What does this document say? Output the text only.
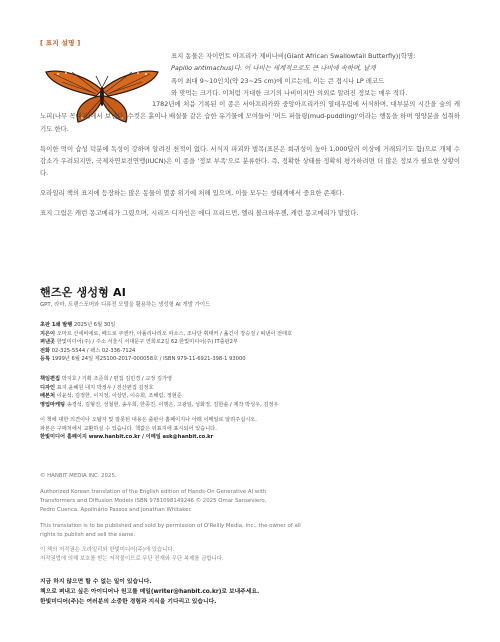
[ 표지 설명 ]

표지 동물은 자이언트 아프리카 제비나비(Giant African Swallowtail Butterfly)(학명:

Papilio antimachus)다. 이 나비는 세계적으로도 큰 나비에 속하며, 날개

폭이 최대 9~10인치(약 23~25 cm)에 이르는데, 이는 큰 접시나 LP 레코드

와 맞먹는 크기다. 이처럼 거대한 크기의 나비이지만 의외로 알려진 정보는 매우 적다.

1782년에 처음 기록된 이 종은 서아프리카와 중앙아프리카의 열대우림에 서식하며, 대부분의 시간을 숲의 캐노피(나무 꼭대기)에서 보낸다. 수컷은 흙이나 배설물 같은 습한 유기물에 모여들어 '머드 퍼들링(mud-puddling)'이라는 행동을 하며 영양분을 섭취하기도 한다.

특이한 먹이 습성 덕분에 독성이 강하며 알려진 천적이 없다. 서식지 파괴와 벌목(표본은 희귀성이 높아 1,000달러 이상에 거래되기도 함)으로 개체 수 감소가 우려되지만, 국제자연보전연맹(IUCN)은 이 종을 '정보 부족'으로 분류한다. 즉, 정확한 상태를 정확히 평가하려면 더 많은 정보가 필요한 상황이다.

오라일리 책의 표지에 등장하는 많은 동물이 멸종 위기에 처해 있으며, 이들 모두는 생태계에서 중요한 존재다.

표지 그림은 캐런 몽고메리가 그렸으며, 시리즈 디자인은 에디 프리드먼, 엘리 볼크하우젠, 캐런 몽고메리가 맡았다.

핸즈온 생성형 AI
GPT, 라마, 트랜스포머와 디퓨전 모델을 활용하는 생성형 AI 개발 가이드
초판 1쇄 발행 2025년 6월 30일
지은이 오마르 산세비에로, 페드로 쿠엔카, 아폴리나리오 파소스, 조나단 휘태커 / 옮긴이 장승걸 / 펴낸이 전태호
펴낸곳 한빛미디어(주) / 주소 서울시 서대문구 연희로2길 62 한빛미디어(주) IT출판2부
전화 02-325-5544 / 팩스 02-336-7124
등록 1999년 6월 24일 제25100-2017-000058호 / ISBN 979-11-6921-398-1 93000
책임편집 박지호 / 기획 조준희 / 편집 김민경 / 교정 김가영
디자인 표지 윤혜원 내지 박정우 / 전산편집 김정호
배본처 이윤석, 김정한, 이지정, 이상민, 이승희, 조해림, 정현준
영업마케팅 송경석, 김형진, 성철현, 송우희, 한종진, 이행은, 고광일, 성화정, 김한솔 / 제작 박성우, 김정우
이 책에 대한 의견이나 오탈자 및 잘못된 내용은 출판사 홈페이지나 아래 이메일로 알려주십시오.
파본은 구매처에서 교환하실 수 있습니다. 책값은 뒤표지에 표시되어 있습니다.
한빛미디어 홈페이지 www.hanbit.co.kr / 이메일 ask@hanbit.co.kr

© HANBIT MEDIA INC. 2025.

Authorized Korean translation of the English edition of Hands-On Generative AI with

Transformers and Diffusion Models ISBN 9781098149246 © 2025 Omar Sanseviero,

Pedro Cuenca, Apolinário Passos and Jonathan Whitaker.

This translation is to be published and sold by permission of O'Reilly Media, Inc., the owner of all

rights to publish and sell the same.

이 책의 저작권은 오라일리와 한빛미디어(주)에 있습니다.

저작권법에 의해 보호를 받는 저작물이므로 무단 전재와 무단 복제를 금합니다.

지금 하지 않으면 할 수 없는 일이 있습니다.

책으로 펴내고 싶은 아이디어나 원고를 메일(writer@hanbit.co.kr)로 보내주세요.

한빛미디어(주)는 여러분의 소중한 경험과 지식을 기다리고 있습니다.
